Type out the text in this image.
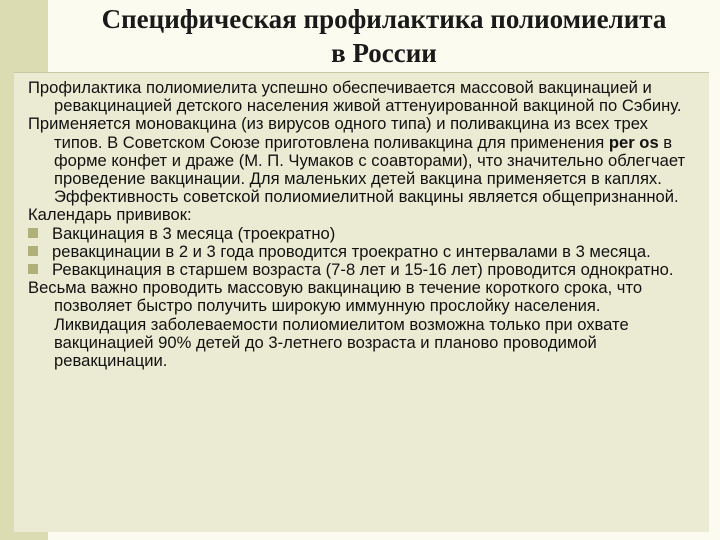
Специфическая профилактика полиомиелита
в России

Профилактика полиомиелита успешно обеспечивается массовой вакцинацией и ревакцинацией детского населения живой аттенуированной вакциной по Сэбину.

Применяется моновакцина (из вирусов одного типа) и поливакцина из всех трех типов. В Советском Союзе приготовлена поливакцина для применения per os в форме конфет и драже (М. П. Чумаков с соавторами), что значительно облегчает проведение вакцинации. Для маленьких детей вакцина применяется в каплях. Эффективность советской полиомиелитной вакцины является общепризнанной.

Календарь прививок:

Вакцинация в 3 месяца (троекратно)

ревакцинации в 2 и 3 года проводится троекратно с интервалами в 3 месяца.

Ревакцинация в старшем возраста (7-8 лет и 15-16 лет) проводится однократно.

Весьма важно проводить массовую вакцинацию в течение короткого срока, что позволяет быстро получить широкую иммунную прослойку населения. Ликвидация заболеваемости полиомиелитом возможна только при охвате вакцинацией 90% детей до 3-летнего возраста и планово проводимой ревакцинации.
